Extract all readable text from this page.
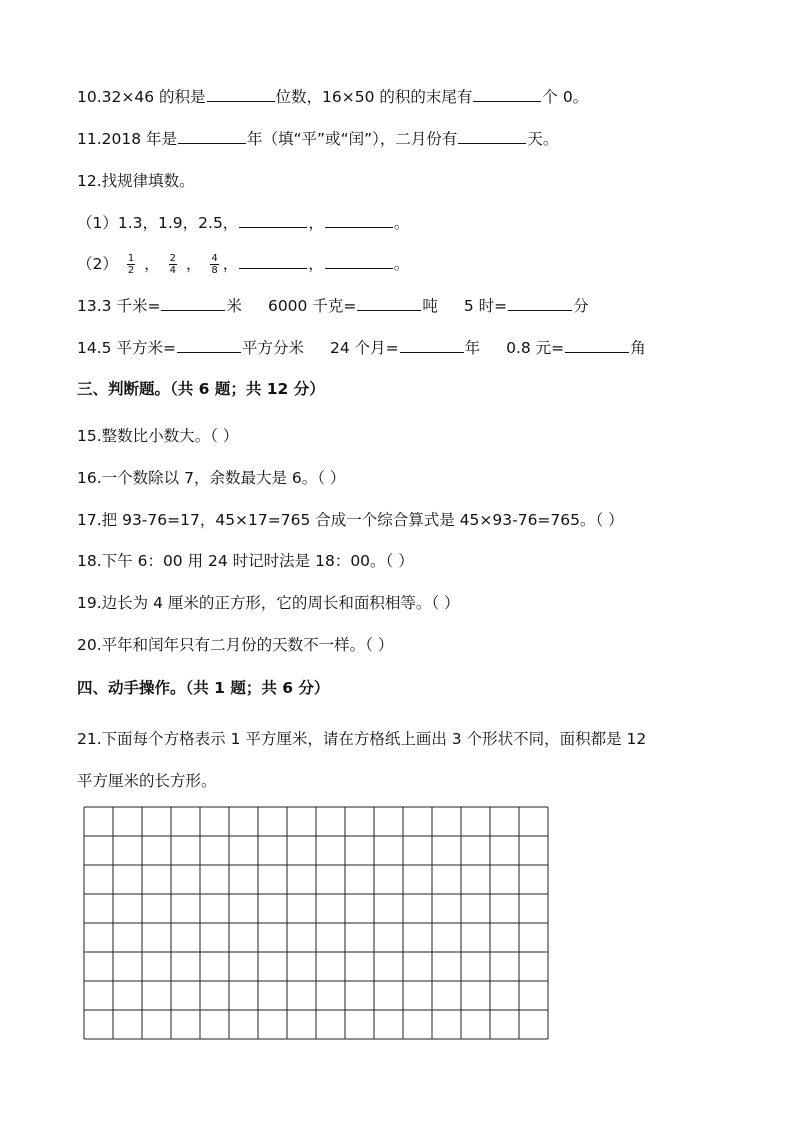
10.32×46 的积是	位数，16×50 的积的末尾有	个 0。
11.2018 年是	年（填“平”或“闰”），二月份有	天。
12.找规律填数。
（1）1.3，1.9，2.5，	，	。
$(2) \frac{1}{2}$ ， $\frac{2}{4}$ ， $\frac{4}{8}$ ，	，	。
13.3 千米=	米 6000 千克=	吨 5 时=	分
14.5 平方米=	平方分米 24 个月=	年 0.8 元=	角
三、判断题。（共 6 题；共 12 分）
15.整数比小数大。（ ）
16.一个数除以 7，余数最大是 6。（ ）
17.把 93-76=17，45×17=765 合成一个综合算式是 45×93-76=765。（ ）
18.下午 6：00 用 24 时记时法是 18：00。（ ）
19.边长为 4 厘米的正方形，它的周长和面积相等。（ ）
20.平年和闰年只有二月份的天数不一样。（ ）
四、动手操作。（共 1 题；共 6 分）
21.下面每个方格表示 1 平方厘米，请在方格纸上画出 3 个形状不同，面积都是 12
平方厘米的长方形。
